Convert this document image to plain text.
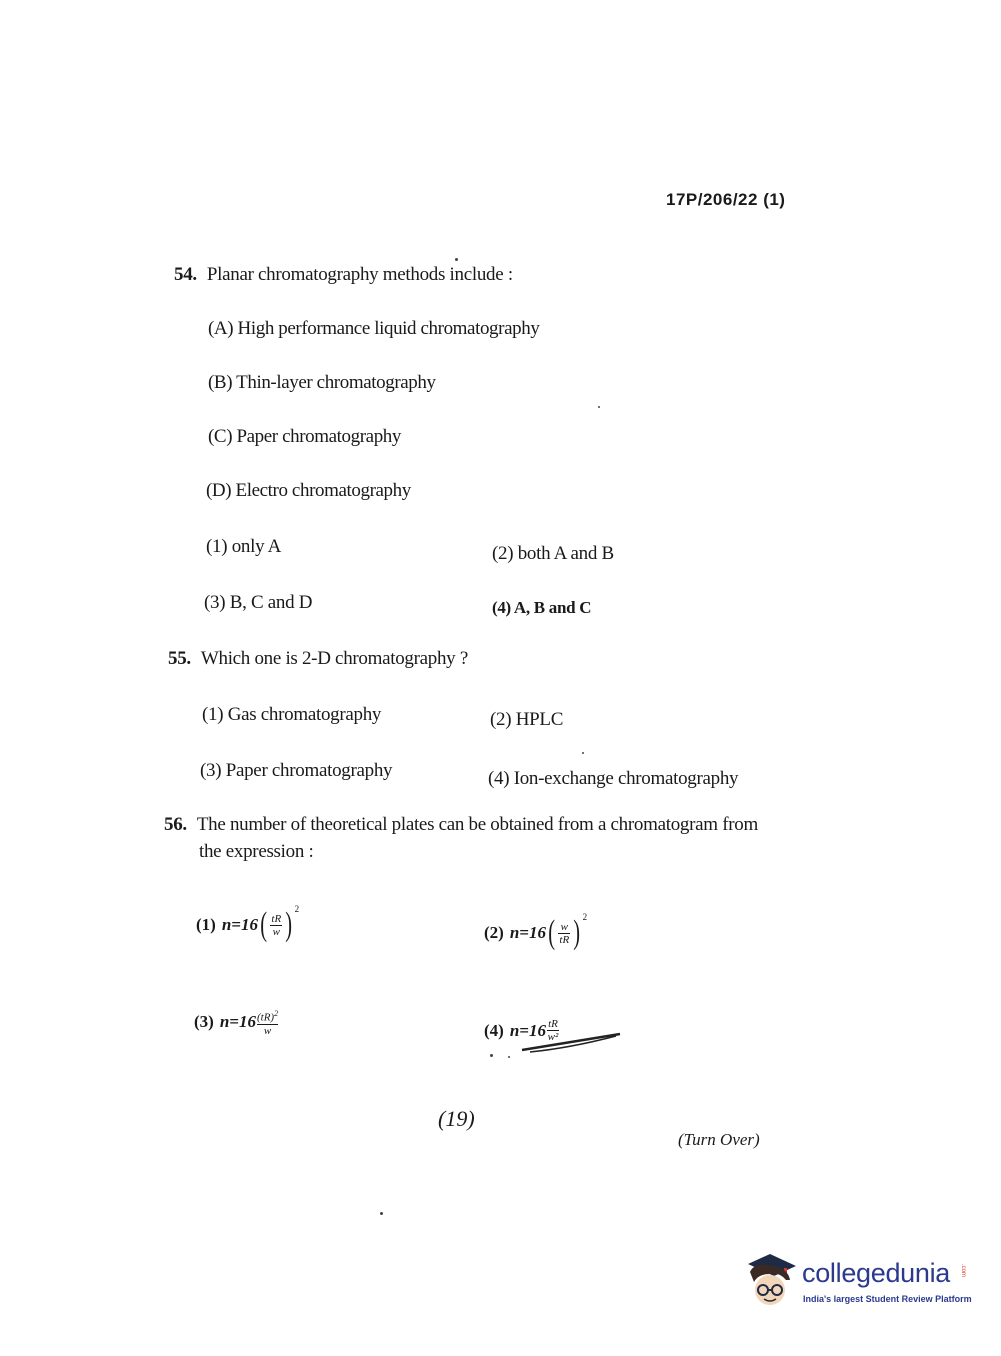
17P/206/22 (1)
54. Planar chromatography methods include :
(A) High performance liquid chromatography
(B) Thin-layer chromatography
(C) Paper chromatography
(D) Electro chromatography
(1) only A	(2) both A and B
(3) B, C and D	(4) A, B and C
55. Which one is 2-D chromatography ?
(1) Gas chromatography	(2) HPLC
(3) Paper chromatography	(4) Ion-exchange chromatography
56. The number of theoretical plates can be obtained from a chromatogram from
the expression :
(1) n =16 ( $\frac{tR}{w}$ ) 2
(2) n =16 ( $\frac{w}{tR}$ ) 2
(3) $n =16 \frac{(tR)^2}{w}$	(4) $n =16 \frac{tR}{\text{w²}}$
(19)
(Turn Over)
collegedunia .com
India's largest Student Review Platform
